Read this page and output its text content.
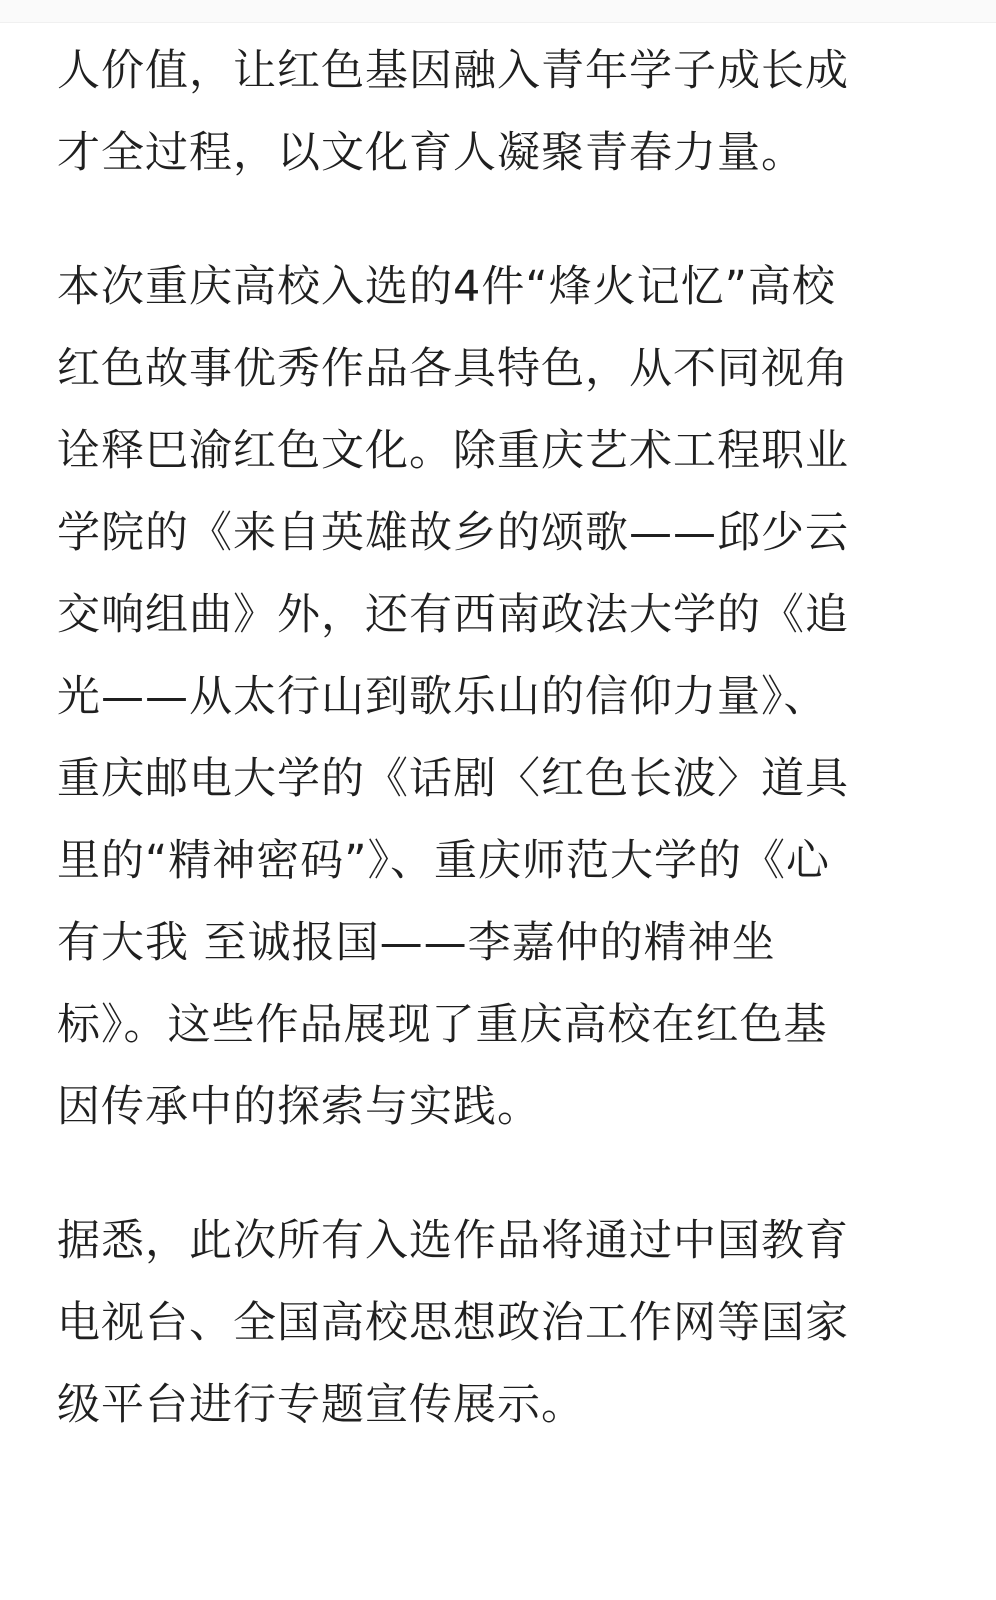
人价值，让红色基因融入青年学子成长成
才全过程，以文化育人凝聚青春力量。

本次重庆高校入选的4件“烽火记忆”高校
红色故事优秀作品各具特色，从不同视角
诠释巴渝红色文化。除重庆艺术工程职业
学院的《来自英雄故乡的颂歌——邱少云
交响组曲》外，还有西南政法大学的《追
光——从太行山到歌乐山的信仰力量》、
重庆邮电大学的《话剧〈红色长波〉道具
里的“精神密码”》、重庆师范大学的《心
有大我 至诚报国——李嘉仲的精神坐
标》。这些作品展现了重庆高校在红色基
因传承中的探索与实践。

据悉，此次所有入选作品将通过中国教育
电视台、全国高校思想政治工作网等国家
级平台进行专题宣传展示。
